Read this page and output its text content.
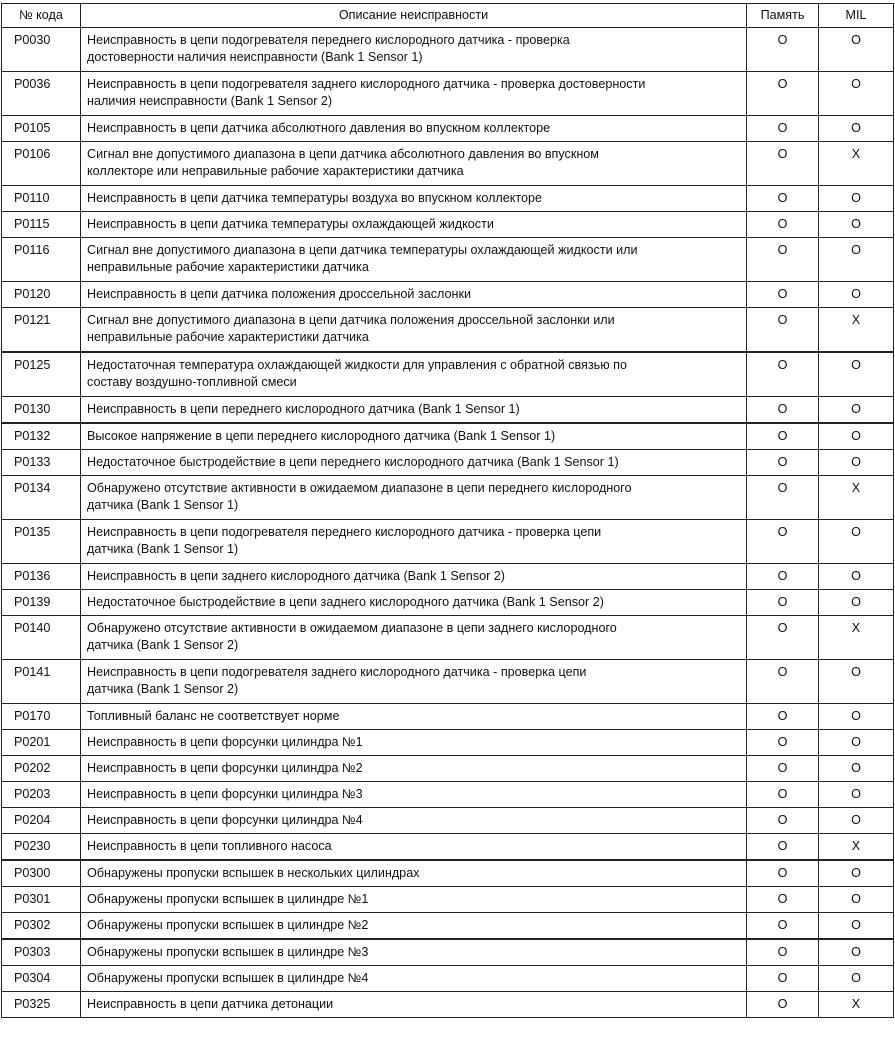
№ кода	Описание неисправности	Память	MIL
P0030	Неисправность в цепи подогревателя переднего кислородного датчика - проверка
достоверности наличия неисправности (Bank 1 Sensor 1)	O	O
P0036	Неисправность в цепи подогревателя заднего кислородного датчика - проверка достоверности
наличия неисправности (Bank 1 Sensor 2)	O	O
P0105	Неисправность в цепи датчика абсолютного давления во впускном коллекторе	O	O
P0106	Сигнал вне допустимого диапазона в цепи датчика абсолютного давления во впускном
коллекторе или неправильные рабочие характеристики датчика	O	X
P0110	Неисправность в цепи датчика температуры воздуха во впускном коллекторе	O	O
P0115	Неисправность в цепи датчика температуры охлаждающей жидкости	O	O
P0116	Сигнал вне допустимого диапазона в цепи датчика температуры охлаждающей жидкости или
неправильные рабочие характеристики датчика	O	O
P0120	Неисправность в цепи датчика положения дроссельной заслонки	O	O
P0121	Сигнал вне допустимого диапазона в цепи датчика положения дроссельной заслонки или
неправильные рабочие характеристики датчика	O	X
P0125	Недостаточная температура охлаждающей жидкости для управления с обратной связью по
составу воздушно-топливной смеси	O	O
P0130	Неисправность в цепи переднего кислородного датчика (Bank 1 Sensor 1)	O	O
P0132	Высокое напряжение в цепи переднего кислородного датчика (Bank 1 Sensor 1)	O	O
P0133	Недостаточное быстродействие в цепи переднего кислородного датчика (Bank 1 Sensor 1)	O	O
P0134	Обнаружено отсутствие активности в ожидаемом диапазоне в цепи переднего кислородного
датчика (Bank 1 Sensor 1)	O	X
P0135	Неисправность в цепи подогревателя переднего кислородного датчика - проверка цепи
датчика (Bank 1 Sensor 1)	O	O
P0136	Неисправность в цепи заднего кислородного датчика (Bank 1 Sensor 2)	O	O
P0139	Недостаточное быстродействие в цепи заднего кислородного датчика (Bank 1 Sensor 2)	O	O
P0140	Обнаружено отсутствие активности в ожидаемом диапазоне в цепи заднего кислородного
датчика (Bank 1 Sensor 2)	O	X
P0141	Неисправность в цепи подогревателя заднего кислородного датчика - проверка цепи
датчика (Bank 1 Sensor 2)	O	O
P0170	Топливный баланс не соответствует норме	O	O
P0201	Неисправность в цепи форсунки цилиндра №1	O	O
P0202	Неисправность в цепи форсунки цилиндра №2	O	O
P0203	Неисправность в цепи форсунки цилиндра №3	O	O
P0204	Неисправность в цепи форсунки цилиндра №4	O	O
P0230	Неисправность в цепи топливного насоса	O	X
P0300	Обнаружены пропуски вспышек в нескольких цилиндрах	O	O
P0301	Обнаружены пропуски вспышек в цилиндре №1	O	O
P0302	Обнаружены пропуски вспышек в цилиндре №2	O	O
P0303	Обнаружены пропуски вспышек в цилиндре №3	O	O
P0304	Обнаружены пропуски вспышек в цилиндре №4	O	O
P0325	Неисправность в цепи датчика детонации	O	X
